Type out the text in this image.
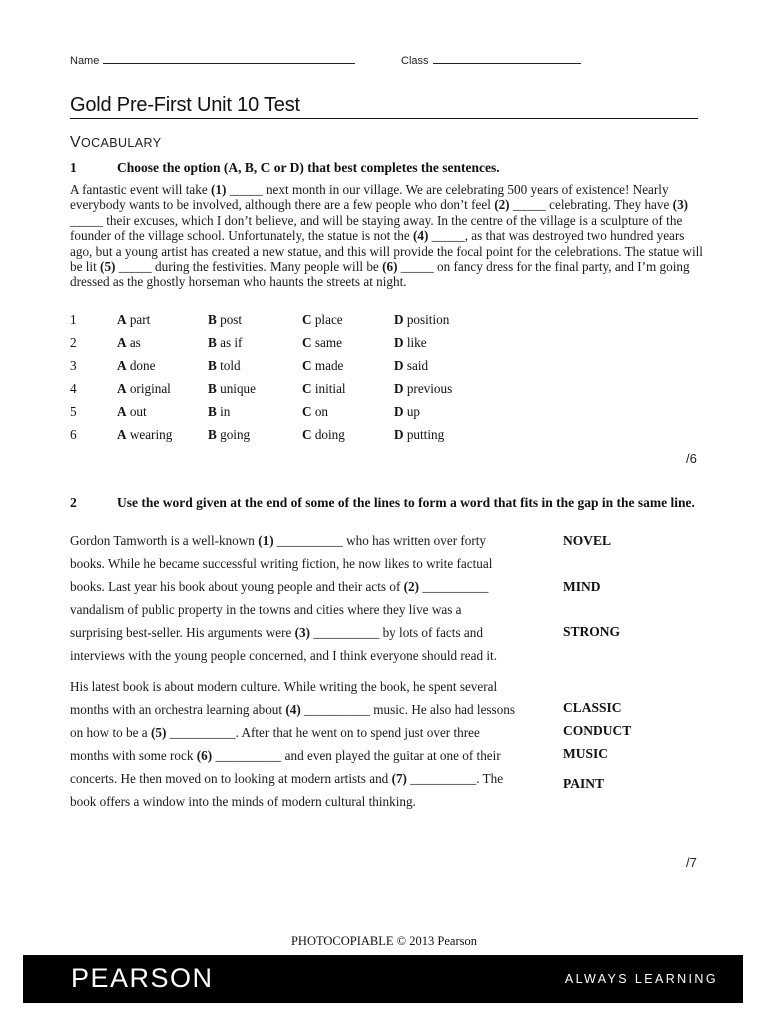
Name	Class
Gold Pre-First Unit 10 Test
VOCABULARY
1	Choose the option (A, B, C or D) that best completes the sentences.
A fantastic event will take (1) _____ next month in our village. We are celebrating 500 years of existence! Nearly everybody wants to be involved, although there are a few people who don’t feel (2) _____ celebrating. They have (3) _____ their excuses, which I don’t believe, and will be staying away. In the centre of the village is a sculpture of the founder of the village school. Unfortunately, the statue is not the (4) _____, as that was destroyed two hundred years ago, but a young artist has created a new statue, and this will provide the focal point for the celebrations. The statue will be lit (5) _____ during the festivities. Many people will be (6) _____ on fancy dress for the final party, and I’m going dressed as the ghostly horseman who haunts the streets at night.
1	A part	B post	C place	D position
2	A as	B as if	C same	D like
3	A done	B told	C made	D said
4	A original	B unique	C initial	D previous
5	A out	B in	C on	D up
6	A wearing	B going	C doing	D putting
/6
2	Use the word given at the end of some of the lines to form a word that fits in the gap in the same line.
Gordon Tamworth is a well-known (1) __________ who has written over forty
books. While he became successful writing fiction, he now likes to write factual
books. Last year his book about young people and their acts of (2) __________
vandalism of public property in the towns and cities where they live was a
surprising best-seller. His arguments were (3) __________ by lots of facts and
interviews with the young people concerned, and I think everyone should read it.
His latest book is about modern culture. While writing the book, he spent several
months with an orchestra learning about (4) __________ music. He also had lessons
on how to be a (5) __________. After that he went on to spend just over three
months with some rock (6) __________ and even played the guitar at one of their
concerts. He then moved on to looking at modern artists and (7) __________. The
book offers a window into the minds of modern cultural thinking.
NOVEL
MIND
STRONG
CLASSIC
CONDUCT
MUSIC
PAINT
/7
PHOTOCOPIABLE © 2013 Pearson
PEARSON	ALWAYS LEARNING
